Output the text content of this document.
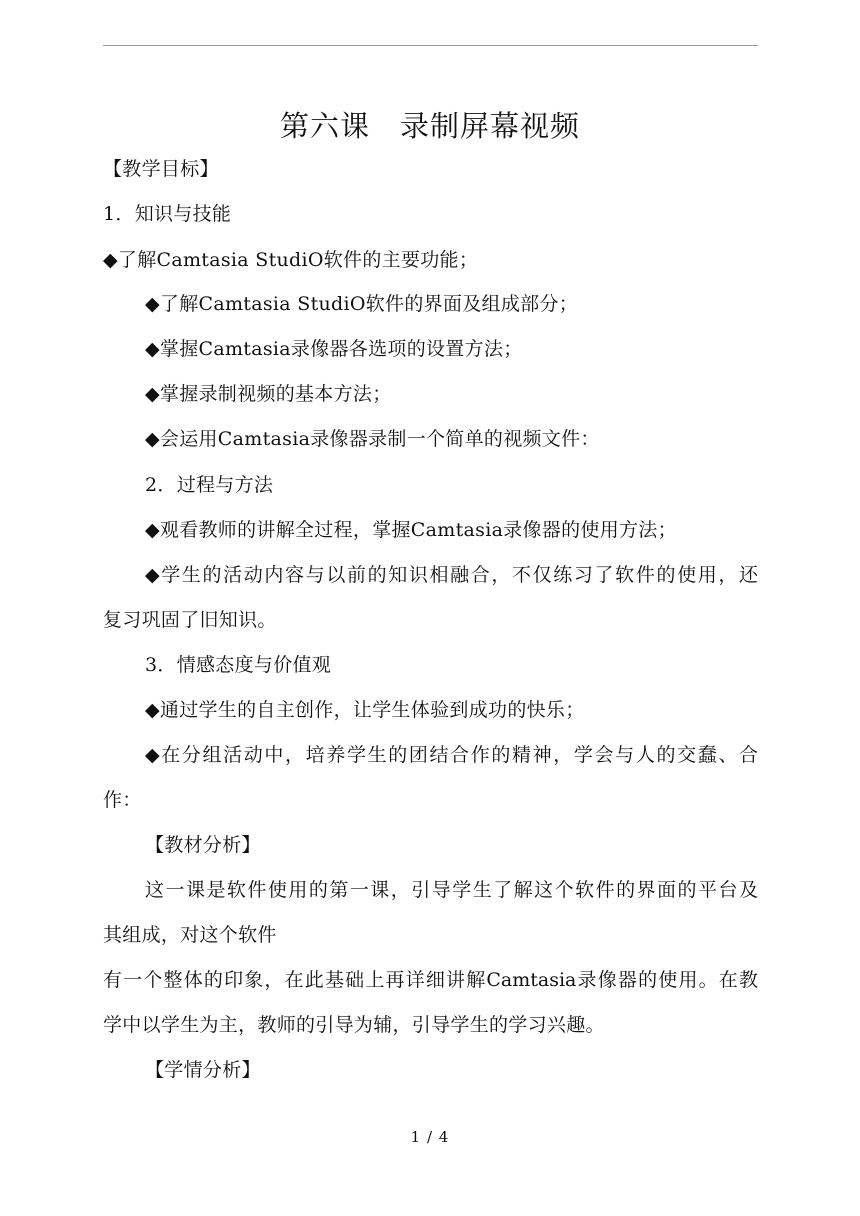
第六课　录制屏幕视频
【教学目标】
1．知识与技能
◆了解Camtasia StudiO软件的主要功能；
◆了解Camtasia StudiO软件的界面及组成部分；
◆掌握Camtasia录像器各选项的设置方法；
◆掌握录制视频的基本方法；
◆会运用Camtasia录像器录制一个简单的视频文件：
2．过程与方法
◆观看教师的讲解全过程，掌握Camtasia录像器的使用方法；
◆学生的活动内容与以前的知识相融合，不仅练习了软件的使用，还
复习巩固了旧知识。
3．情感态度与价值观
◆通过学生的自主创作，让学生体验到成功的快乐；
◆在分组活动中，培养学生的团结合作的精神，学会与人的交蠢、合
作：
【教材分析】
这一课是软件使用的第一课，引导学生了解这个软件的界面的平台及
其组成，对这个软件
有一个整体的印象，在此基础上再详细讲解Camtasia录像器的使用。在教
学中以学生为主，教师的引导为辅，引导学生的学习兴趣。
【学情分析】
1 / 4
